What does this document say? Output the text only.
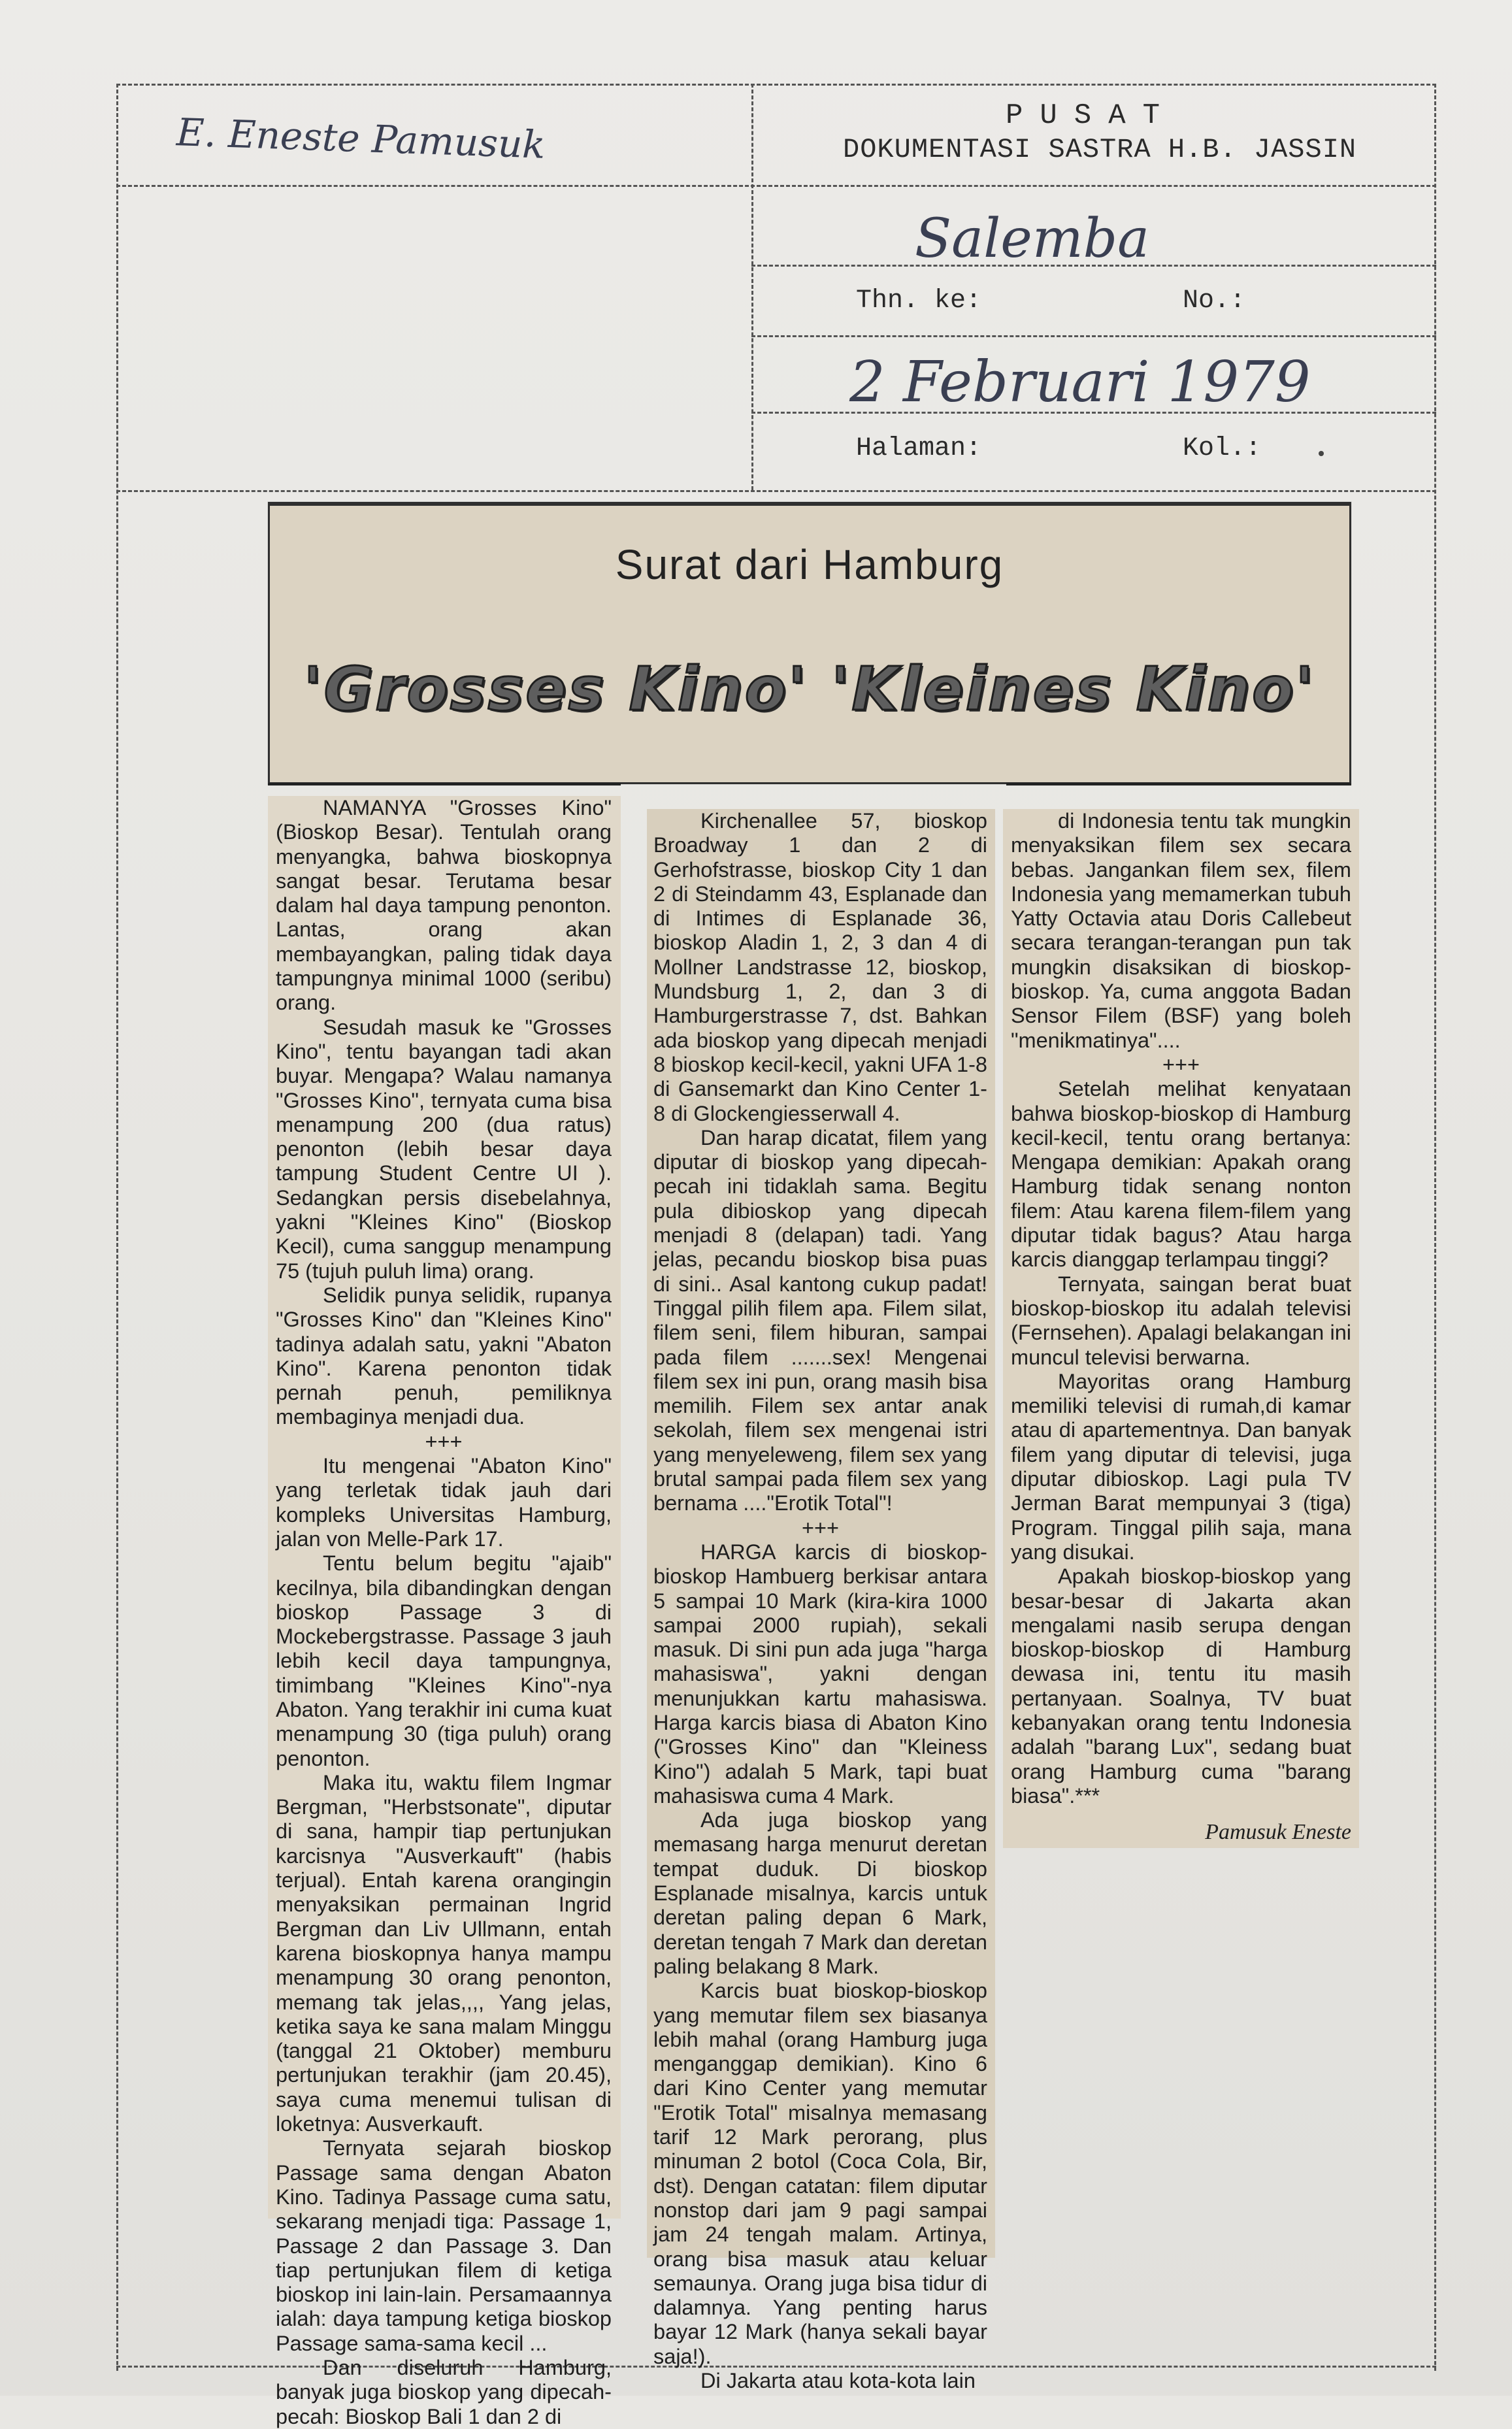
E. Eneste Pamusuk	PUSAT
DOKUMENTASI SASTRA H.B. JASSIN
Salemba
Thn. ke:	No.:
2 Februari 1979
Halaman:	Kol.:
Surat dari Hamburg
'Grosses Kino' 'Kleines Kino'

NAMANYA "Grosses Kino" (Bioskop Besar). Tentulah orang menyangka, bahwa bioskopnya sangat besar. Terutama besar dalam hal daya tampung penonton. Lantas, orang akan membayangkan, paling tidak daya tampungnya minimal 1000 (seribu) orang.

Sesudah masuk ke "Grosses Kino", tentu bayangan tadi akan buyar. Mengapa? Walau namanya "Grosses Kino", ternyata cuma bisa menampung 200 (dua ratus) penonton (lebih besar daya tampung Student Centre UI ). Sedangkan persis disebelahnya, yakni "Kleines Kino" (Bioskop Kecil), cuma sanggup menampung 75 (tujuh puluh lima) orang.

Selidik punya selidik, rupanya "Grosses Kino" dan "Kleines Kino" tadinya adalah satu, yakni "Abaton Kino". Karena penonton tidak pernah penuh, pemiliknya membaginya menjadi dua.

+++

Itu mengenai "Abaton Kino" yang terletak tidak jauh dari kompleks Universitas Hamburg, jalan von Melle-Park 17.

Tentu belum begitu "ajaib" kecilnya, bila dibandingkan dengan bioskop Passage 3 di Mockebergstrasse. Passage 3 jauh lebih kecil daya tampungnya, timimbang "Kleines Kino"-nya Abaton. Yang terakhir ini cuma kuat menampung 30 (tiga puluh) orang penonton.

Maka itu, waktu filem Ingmar Bergman, "Herbstsonate", diputar di sana, hampir tiap pertunjukan karcisnya "Ausverkauft" (habis terjual). Entah karena orangingin menyaksikan permainan Ingrid Bergman dan Liv Ullmann, entah karena bioskopnya hanya mampu menampung 30 orang penonton, memang tak jelas,,,, Yang jelas, ketika saya ke sana malam Minggu (tanggal 21 Oktober) memburu pertunjukan terakhir (jam 20.45), saya cuma menemui tulisan di loketnya: Ausverkauft.

Ternyata sejarah bioskop Passage sama dengan Abaton Kino. Tadinya Passage cuma satu, sekarang menjadi tiga: Passage 1, Passage 2 dan Passage 3. Dan tiap pertunjukan filem di ketiga bioskop ini lain-lain. Persamaannya ialah: daya tampung ketiga bioskop Passage sama-sama kecil ...

Dan diseluruh Hamburg, banyak juga bioskop yang dipecah-pecah: Bioskop Bali 1 dan 2 di

Kirchenallee 57, bioskop Broadway 1 dan 2 di Gerhofstrasse, bioskop City 1 dan 2 di Steindamm 43, Esplanade dan di Intimes di Esplanade 36, bioskop Aladin 1, 2, 3 dan 4 di Mollner Landstrasse 12, bioskop, Mundsburg 1, 2, dan 3 di Hamburgerstrasse 7, dst. Bahkan ada bioskop yang dipecah menjadi 8 bioskop kecil-kecil, yakni UFA 1-8 di Gansemarkt dan Kino Center 1-8 di Glockengiesserwall 4.

Dan harap dicatat, filem yang diputar di bioskop yang dipecah-pecah ini tidaklah sama. Begitu pula dibioskop yang dipecah menjadi 8 (delapan) tadi. Yang jelas, pecandu bioskop bisa puas di sini.. Asal kantong cukup padat! Tinggal pilih filem apa. Filem silat, filem seni, filem hiburan, sampai pada filem .......sex! Mengenai filem sex ini pun, orang masih bisa memilih. Filem sex antar anak sekolah, filem sex mengenai istri yang menyeleweng, filem sex yang brutal sampai pada filem sex yang bernama ...."Erotik Total"!

+++

HARGA karcis di bioskop-bioskop Hambuerg berkisar antara 5 sampai 10 Mark (kira-kira 1000 sampai 2000 rupiah), sekali masuk. Di sini pun ada juga "harga mahasiswa", yakni dengan menunjukkan kartu mahasiswa. Harga karcis biasa di Abaton Kino ("Grosses Kino" dan "Kleiness Kino") adalah 5 Mark, tapi buat mahasiswa cuma 4 Mark.

Ada juga bioskop yang memasang harga menurut deretan tempat duduk. Di bioskop Esplanade misalnya, karcis untuk deretan paling depan 6 Mark, deretan tengah 7 Mark dan deretan paling belakang 8 Mark.

Karcis buat bioskop-bioskop yang memutar filem sex biasanya lebih mahal (orang Hamburg juga menganggap demikian). Kino 6 dari Kino Center yang memutar "Erotik Total" misalnya memasang tarif 12 Mark perorang, plus minuman 2 botol (Coca Cola, Bir, dst). Dengan catatan: filem diputar nonstop dari jam 9 pagi sampai jam 24 tengah malam. Artinya, orang bisa masuk atau keluar semaunya. Orang juga bisa tidur di dalamnya. Yang penting harus bayar 12 Mark (hanya sekali bayar saja!).

Di Jakarta atau kota-kota lain

di Indonesia tentu tak mungkin menyaksikan filem sex secara bebas. Jangankan filem sex, filem Indonesia yang memamerkan tubuh Yatty Octavia atau Doris Callebeut secara terangan-terangan pun tak mungkin disaksikan di bioskop-bioskop. Ya, cuma anggota Badan Sensor Filem (BSF) yang boleh "menikmatinya"....

+++

Setelah melihat kenyataan bahwa bioskop-bioskop di Hamburg kecil-kecil, tentu orang bertanya: Mengapa demikian: Apakah orang Hamburg tidak senang nonton filem: Atau karena filem-filem yang diputar tidak bagus? Atau harga karcis dianggap terlampau tinggi?

Ternyata, saingan berat buat bioskop-bioskop itu adalah televisi (Fernsehen). Apalagi belakangan ini muncul televisi berwarna.

Mayoritas orang Hamburg memiliki televisi di rumah,di kamar atau di apartementnya. Dan banyak filem yang diputar di televisi, juga diputar dibioskop. Lagi pula TV Jerman Barat mempunyai 3 (tiga) Program. Tinggal pilih saja, mana yang disukai.

Apakah bioskop-bioskop yang besar-besar di Jakarta akan mengalami nasib serupa dengan bioskop-bioskop di Hamburg dewasa ini, tentu itu masih pertanyaan. Soalnya, TV buat kebanyakan orang tentu Indonesia adalah "barang Lux", sedang buat orang Hamburg cuma "barang biasa".***

Pamusuk Eneste
